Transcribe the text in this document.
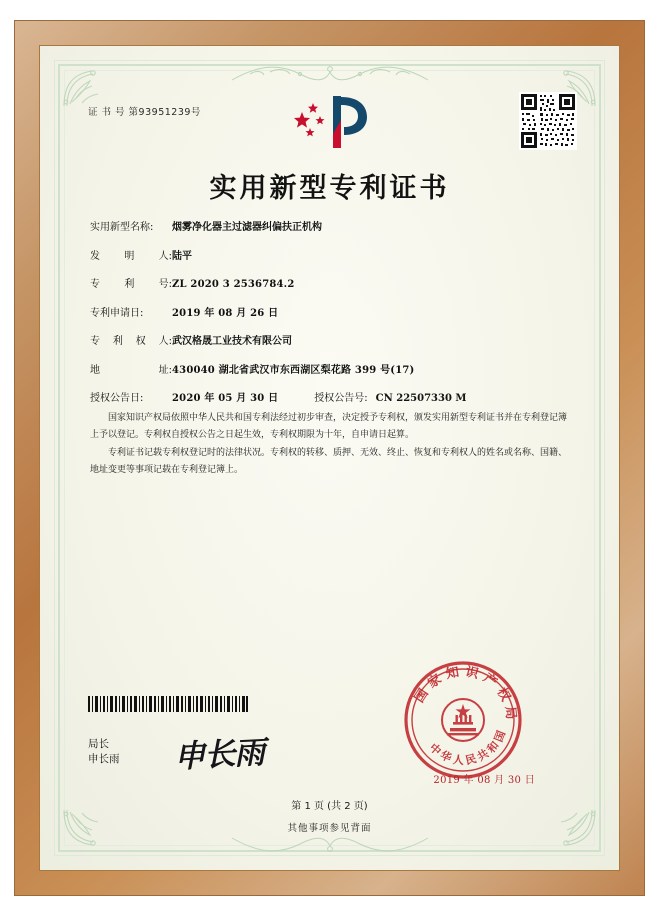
证 书 号 第93951239号
实用新型专利证书
实用新型名称:	烟雾净化器主过滤器纠偏扶正机构
发 明 人: 陆平
专 利 号: ZL 2020 3 2536784.2
专利申请日:	2019 年 08 月 26 日
专 利 权 人: 武汉格晟工业技术有限公司
地	址: 430040 湖北省武汉市东西湖区梨花路 399 号(17)
授权公告日:	2020 年 05 月 30 日	授权公告号: CN 22507330 M

国家知识产权局依照中华人民共和国专利法经过初步审查，决定授予专利权，颁发实用新型专利证书并在专利登记簿上予以登记。专利权自授权公告之日起生效，专利权期限为十年，自申请日起算。

专利证书记载专利权登记时的法律状况。专利权的转移、质押、无效、终止、恢复和专利权人的姓名或名称、国籍、地址变更等事项记载在专利登记簿上。

局长
申长雨 申长雨
国家知识产权局
中华人民共和国
2019 年 08 月 30 日
第 1 页 (共 2 页)
其他事项参见背面
